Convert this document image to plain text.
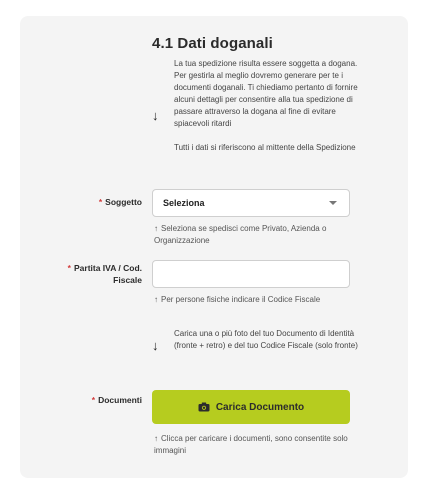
4.1 Dati doganali
↓
La tua spedizione risulta essere soggetta a dogana. Per gestirla al meglio dovremo generare per te i documenti doganali. Ti chiediamo pertanto di fornire alcuni dettagli per consentire alla tua spedizione di passare attraverso la dogana al fine di evitare spiacevoli ritardi
Tutti i dati si riferiscono al mittente della Spedizione
* Soggetto Seleziona
↑ Seleziona se spedisci come Privato, Azienda o Organizzazione
* Partita IVA / Cod.
Fiscale
↑ Per persone fisiche indicare il Codice Fiscale
↓
Carica una o più foto del tuo Documento di Identità (fronte + retro) e del tuo Codice Fiscale (solo fronte)
* Documenti
Carica Documento
↑ Clicca per caricare i documenti, sono consentite solo immagini
